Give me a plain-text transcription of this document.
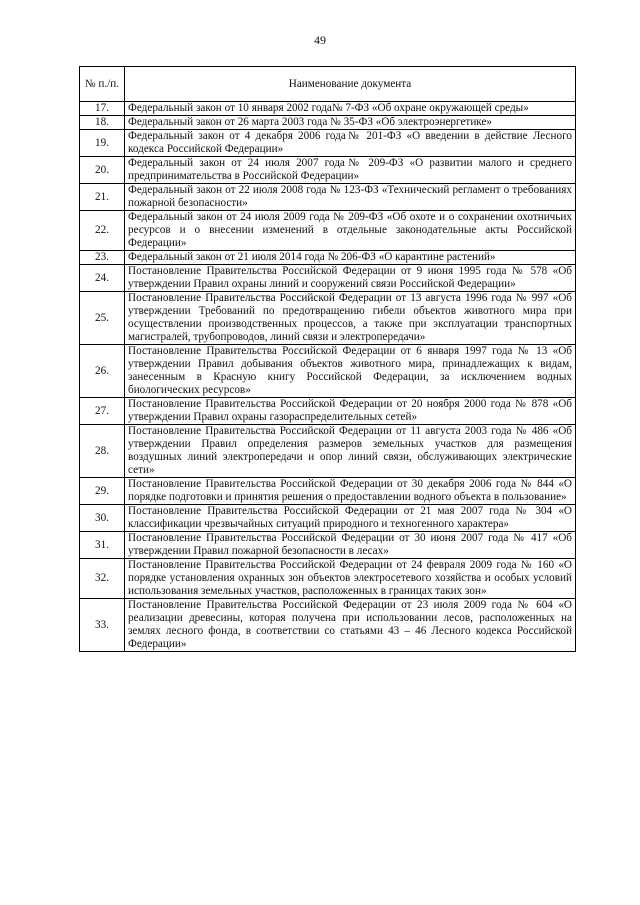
49
№ п./п.	Наименование документа
17.	Федеральный закон от 10 января 2002 года№ 7-ФЗ «Об охране окружающей среды»
18.	Федеральный закон от 26 марта 2003 года № 35-ФЗ «Об электроэнергетике»
19.	Федеральный закон от 4 декабря 2006 года№ 201-ФЗ «О введении в действие Лесного кодекса Российской Федерации»
20.	Федеральный закон от 24 июля 2007 года№ 209-ФЗ «О развитии малого и среднего предпринимательства в Российской Федерации»
21.	Федеральный закон от 22 июля 2008 года № 123-ФЗ «Технический регламент о требованиях пожарной безопасности»
22.	Федеральный закон от 24 июля 2009 года № 209-ФЗ «Об охоте и о сохранении охотничьих ресурсов и о внесении изменений в отдельные законодательные акты Российской Федерации»
23.	Федеральный закон от 21 июля 2014 года № 206-ФЗ «О карантине растений»
24.	Постановление Правительства Российской Федерации от 9 июня 1995 года № 578 «Об утверждении Правил охраны линий и сооружений связи Российской Федерации»
25.	Постановление Правительства Российской Федерации от 13 августа 1996 года № 997 «Об утверждении Требований по предотвращению гибели объектов животного мира при осуществлении производственных процессов, а также при эксплуатации транспортных магистралей, трубопроводов, линий связи и электропередачи»
26.	Постановление Правительства Российской Федерации от 6 января 1997 года № 13 «Об утверждении Правил добывания объектов животного мира, принадлежащих к видам, занесенным в Красную книгу Российской Федерации, за исключением водных биологических ресурсов»
27.	Постановление Правительства Российской Федерации от 20 ноября 2000 года № 878 «Об утверждении Правил охраны газораспределительных сетей»
28.	Постановление Правительства Российской Федерации от 11 августа 2003 года № 486 «Об утверждении Правил определения размеров земельных участков для размещения воздушных линий электропередачи и опор линий связи, обслуживающих электрические сети»
29.	Постановление Правительства Российской Федерации от 30 декабря 2006 года № 844 «О порядке подготовки и принятия решения о предоставлении водного объекта в пользование»
30.	Постановление Правительства Российской Федерации от 21 мая 2007 года № 304 «О классификации чрезвычайных ситуаций природного и техногенного характера»
31.	Постановление Правительства Российской Федерации от 30 июня 2007 года № 417 «Об утверждении Правил пожарной безопасности в лесах»
32.	Постановление Правительства Российской Федерации от 24 февраля 2009 года № 160 «О порядке установления охранных зон объектов электросетевого хозяйства и особых условий использования земельных участков, расположенных в границах таких зон»
33.	Постановление Правительства Российской Федерации от 23 июля 2009 года № 604 «О реализации древесины, которая получена при использовании лесов, расположенных на землях лесного фонда, в соответствии со статьями 43 – 46 Лесного кодекса Российской Федерации»
